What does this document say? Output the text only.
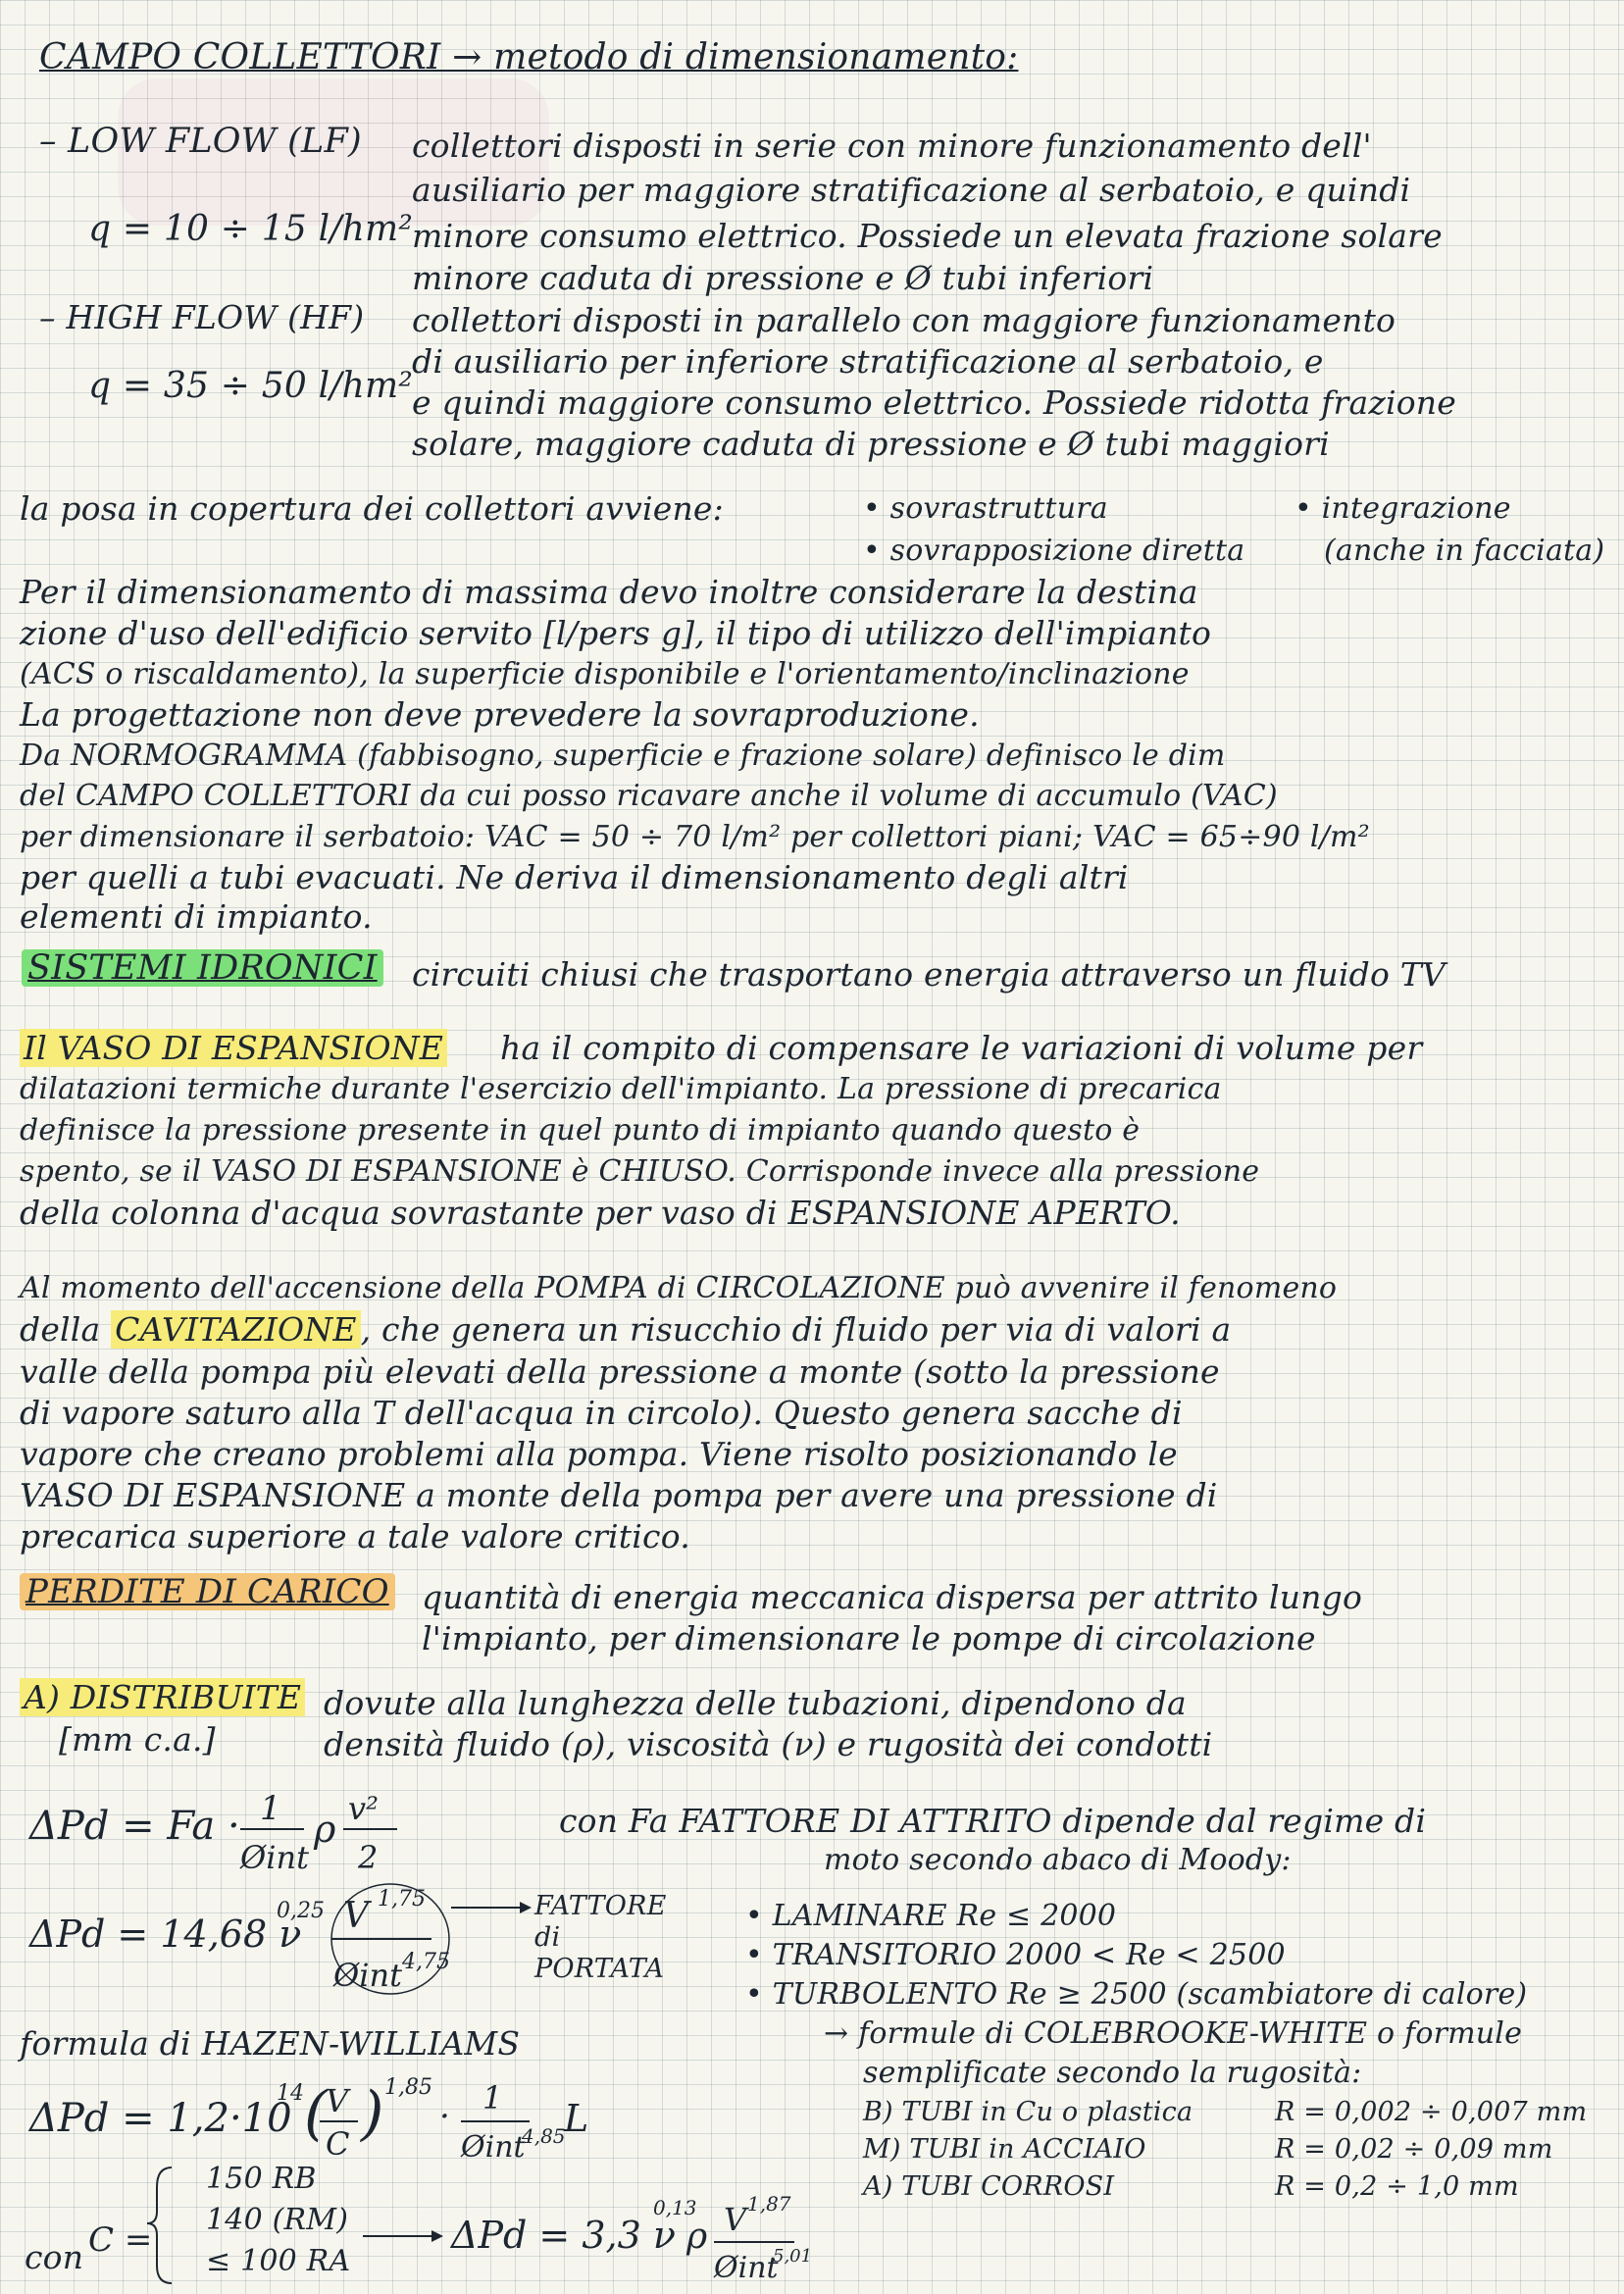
CAMPO COLLETTORI → metodo di dimensionamento:
– LOW FLOW (LF) collettori disposti in serie con minore funzionamento dell'
ausiliario per maggiore stratificazione al serbatoio, e quindi
q = 10 ÷ 15 l/hm²
minore consumo elettrico. Possiede un elevata frazione solare
minore caduta di pressione e Ø tubi inferiori
– HIGH FLOW (HF) collettori disposti in parallelo con maggiore funzionamento
di ausiliario per inferiore stratificazione al serbatoio, e
q = 35 ÷ 50 l/hm²
e quindi maggiore consumo elettrico. Possiede ridotta frazione
solare, maggiore caduta di pressione e Ø tubi maggiori
la posa in copertura dei collettori avviene:	• sovrastruttura
• sovrapposizione diretta
• integrazione
(anche in facciata)
Per il dimensionamento di massima devo inoltre considerare la destina
zione d'uso dell'edificio servito [l/pers g], il tipo di utilizzo dell'impianto
(ACS o riscaldamento), la superficie disponibile e l'orientamento/inclinazione
La progettazione non deve prevedere la sovraproduzione.
Da NORMOGRAMMA (fabbisogno, superficie e frazione solare) definisco le dim
del CAMPO COLLETTORI da cui posso ricavare anche il volume di accumulo (VAC)
per dimensionare il serbatoio: VAC = 50 ÷ 70 l/m² per collettori piani; VAC = 65÷90 l/m²
per quelli a tubi evacuati. Ne deriva il dimensionamento degli altri
elementi di impianto.
SISTEMI IDRONICI circuiti chiusi che trasportano energia attraverso un fluido TV
Il VASO DI ESPANSIONE ha il compito di compensare le variazioni di volume per
dilatazioni termiche durante l'esercizio dell'impianto. La pressione di precarica
definisce la pressione presente in quel punto di impianto quando questo è
spento, se il VASO DI ESPANSIONE è CHIUSO. Corrisponde invece alla pressione
della colonna d'acqua sovrastante per vaso di ESPANSIONE APERTO.
Al momento dell'accensione della POMPA di CIRCOLAZIONE può avvenire il fenomeno
della CAVITAZIONE , che genera un risucchio di fluido per via di valori a
valle della pompa più elevati della pressione a monte (sotto la pressione
di vapore saturo alla T dell'acqua in circolo). Questo genera sacche di
vapore che creano problemi alla pompa. Viene risolto posizionando le
VASO DI ESPANSIONE a monte della pompa per avere una pressione di
precarica superiore a tale valore critico.
PERDITE DI CARICO quantità di energia meccanica dispersa per attrito lungo
l'impianto, per dimensionare le pompe di circolazione
A) DISTRIBUITE
[mm c.a.]
dovute alla lunghezza delle tubazioni, dipendono da
densità fluido (ρ), viscosità (ν) e rugosità dei condotti
ΔPd = Fa · 1
Øint
ρ v²
2
con Fa FATTORE DI ATTRITO dipende dal regime di
moto secondo abaco di Moody:
ΔPd = 14,68 ν
0,25 V 1,75
Øint 4,75
FATTORE di PORTATA
• LAMINARE Re ≤ 2000
• TRANSITORIO 2000 < Re < 2500
• TURBOLENTO Re ≥ 2500 (scambiatore di calore)
→ formule di COLEBROOKE-WHITE o formule
semplificate secondo la rugosità:
B) TUBI in Cu o plastica	R = 0,002 ÷ 0,007 mm
M) TUBI in ACCIAIO	R = 0,02 ÷ 0,09 mm
A) TUBI CORROSI	R = 0,2 ÷ 1,0 mm
formula di HAZEN-WILLIAMS
ΔPd = 1,2·10
14 (
V
C ) 1,85
· 1
Øint
4,85
L
con C =
150 RB
140 (RM)
≤ 100 RA
ΔPd = 3,3 ν
0,13
ρ V 1,87
Øint
5,01
